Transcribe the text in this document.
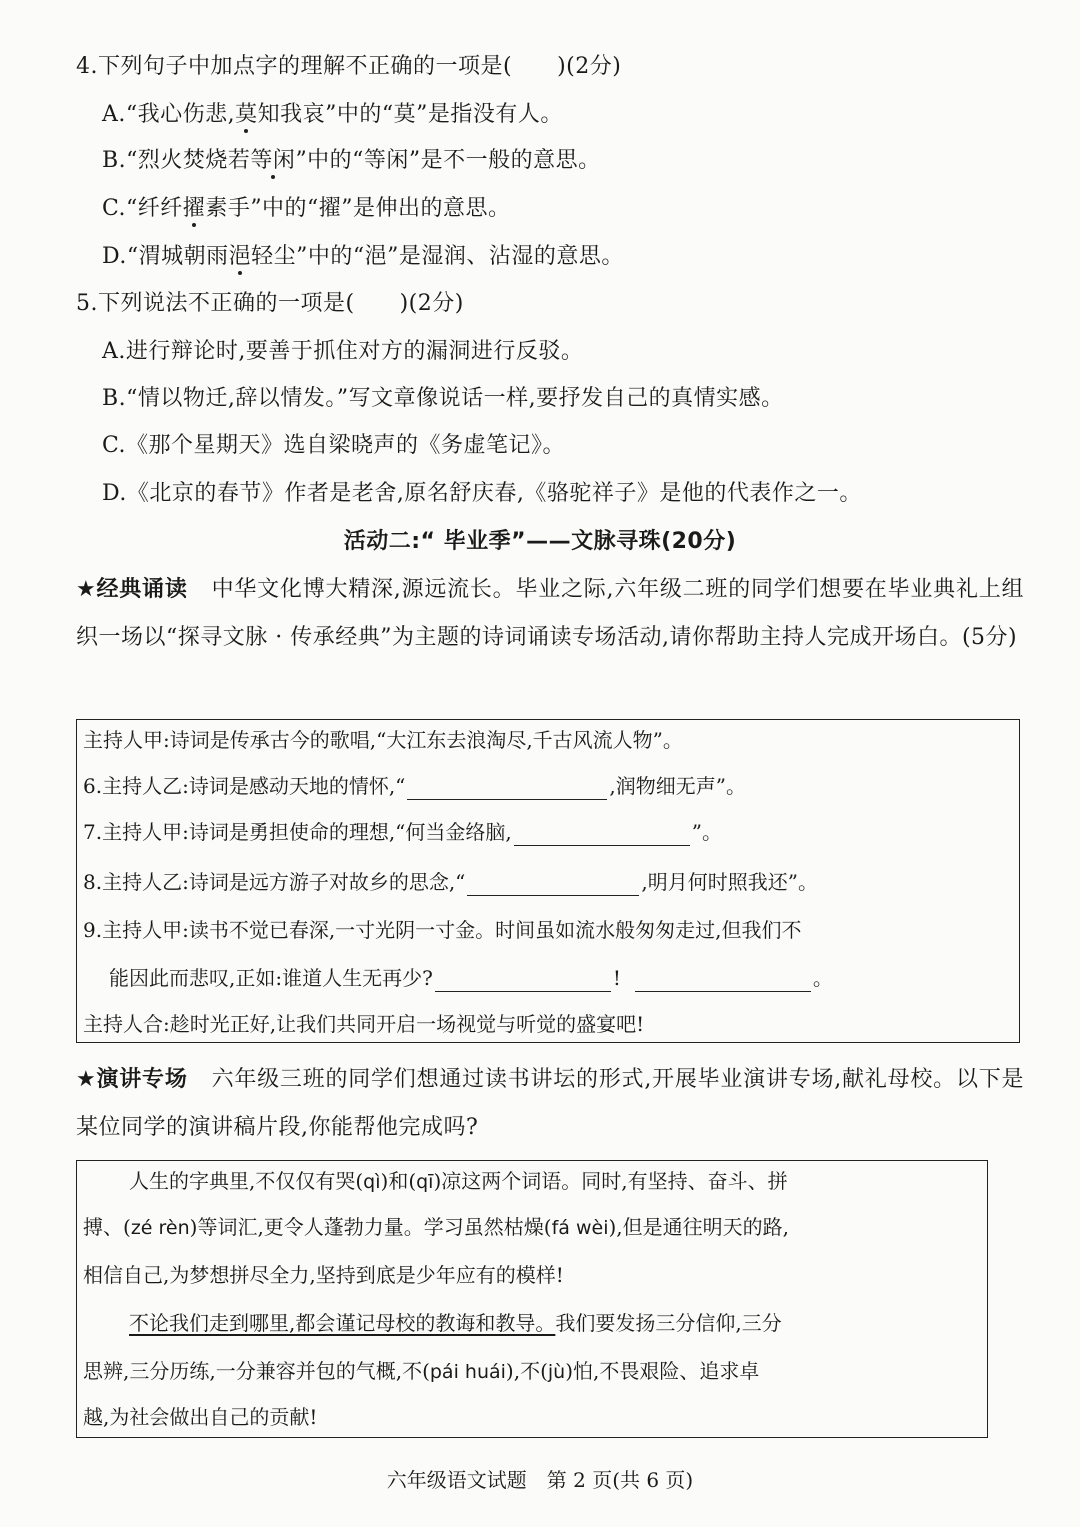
4.下列句子中加点字的理解不正确的一项是(　　)(2分)
A.“我心伤悲,莫知我哀”中的“莫”是指没有人。
B.“烈火焚烧若等闲”中的“等闲”是不一般的意思。
C.“纤纤擢素手”中的“擢”是伸出的意思。
D.“渭城朝雨浥轻尘”中的“浥”是湿润、沾湿的意思。
5.下列说法不正确的一项是(　　)(2分)
A.进行辩论时,要善于抓住对方的漏洞进行反驳。
B.“情以物迁,辞以情发。”写文章像说话一样,要抒发自己的真情实感。
C.《那个星期天》选自梁晓声的《务虚笔记》。
D.《北京的春节》作者是老舍,原名舒庆春,《骆驼祥子》是他的代表作之一。
活动二:“ 毕业季”——文脉寻珠(20分)
★经典诵读 中华文化博大精深,源远流长。毕业之际,六年级二班的同学们想要在毕业典礼上组织一场以“探寻文脉 · 传承经典”为主题的诗词诵读专场活动,请你帮助主持人完成开场白。(5分)
主持人甲:诗词是传承古今的歌唱,“大江东去浪淘尽,千古风流人物”。
6.主持人乙:诗词是感动天地的情怀,“	,润物细无声”。
7.主持人甲:诗词是勇担使命的理想,“何当金络脑,	”。
8.主持人乙:诗词是远方游子对故乡的思念,“	,明月何时照我还”。
9.主持人甲:读书不觉已春深,一寸光阴一寸金。时间虽如流水般匆匆走过,但我们不
能因此而悲叹,正如:谁道人生无再少?	!	。
主持人合:趁时光正好,让我们共同开启一场视觉与听觉的盛宴吧!
★演讲专场 六年级三班的同学们想通过读书讲坛的形式,开展毕业演讲专场,献礼母校。以下是某位同学的演讲稿片段,你能帮他完成吗?
人生的字典里,不仅仅有哭(qì)和(qī)凉这两个词语。同时,有坚持、奋斗、拼
搏、(zé rèn)等词汇,更令人蓬勃力量。学习虽然枯燥(fá wèi),但是通往明天的路,
相信自己,为梦想拼尽全力,坚持到底是少年应有的模样!
不论我们走到哪里,都会谨记母校的教诲和教导。我们要发扬三分信仰,三分
思辨,三分历练,一分兼容并包的气概,不(pái huái),不(jù)怕,不畏艰险、追求卓
越,为社会做出自己的贡献!
六年级语文试题　第 2 页(共 6 页)
